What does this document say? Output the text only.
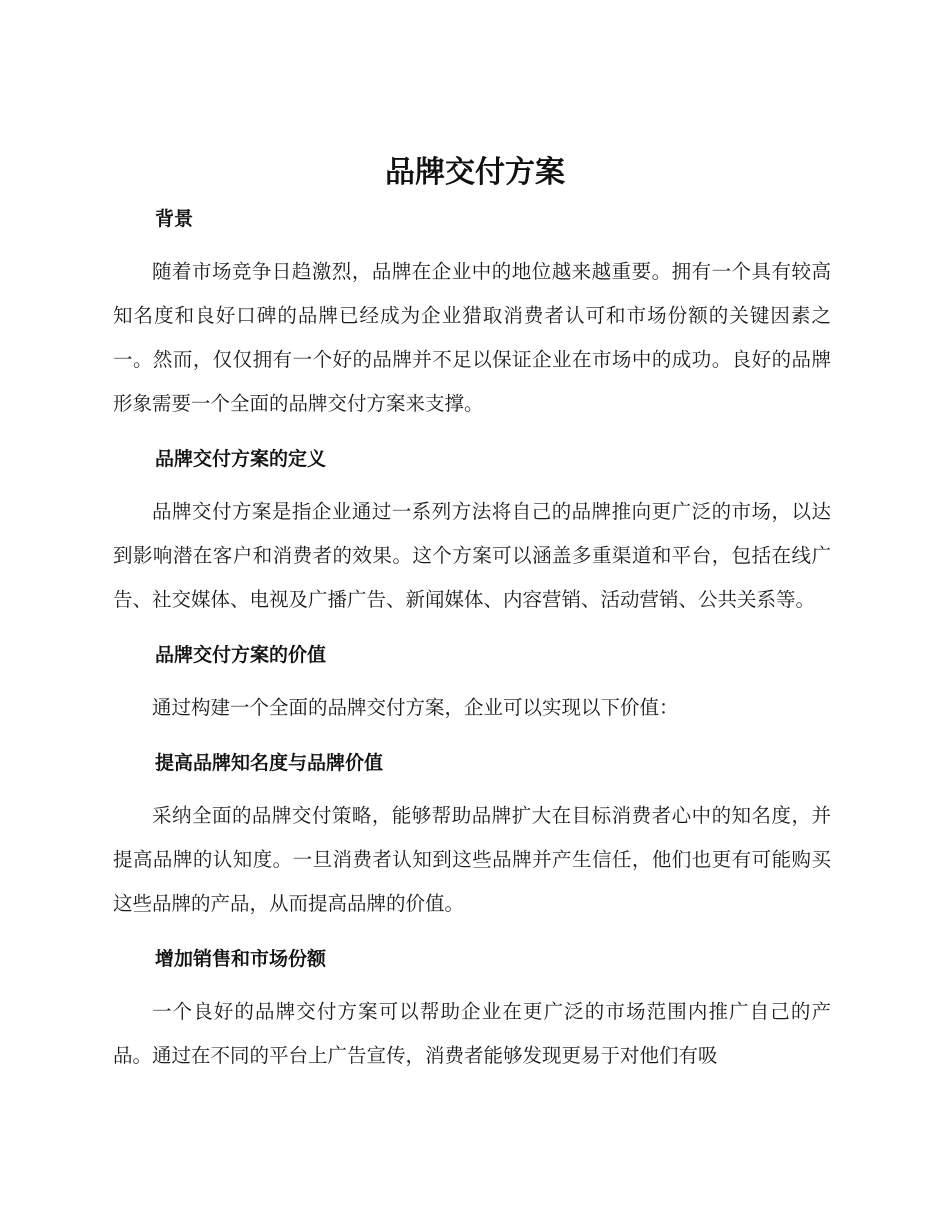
品牌交付方案
背景

随着市场竞争日趋激烈，品牌在企业中的地位越来越重要。拥有一个具有较高知名度和良好口碑的品牌已经成为企业猎取消费者认可和市场份额的关键因素之一。然而，仅仅拥有一个好的品牌并不足以保证企业在市场中的成功。良好的品牌形象需要一个全面的品牌交付方案来支撑。

品牌交付方案的定义

品牌交付方案是指企业通过一系列方法将自己的品牌推向更广泛的市场，以达到影响潜在客户和消费者的效果。这个方案可以涵盖多重渠道和平台，包括在线广告、社交媒体、电视及广播广告、新闻媒体、内容营销、活动营销、公共关系等。

品牌交付方案的价值

通过构建一个全面的品牌交付方案，企业可以实现以下价值：

提高品牌知名度与品牌价值

采纳全面的品牌交付策略，能够帮助品牌扩大在目标消费者心中的知名度，并提高品牌的认知度。一旦消费者认知到这些品牌并产生信任，他们也更有可能购买这些品牌的产品，从而提高品牌的价值。

增加销售和市场份额

一个良好的品牌交付方案可以帮助企业在更广泛的市场范围内推广自己的产品。通过在不同的平台上广告宣传，消费者能够发现更易于对他们有吸
